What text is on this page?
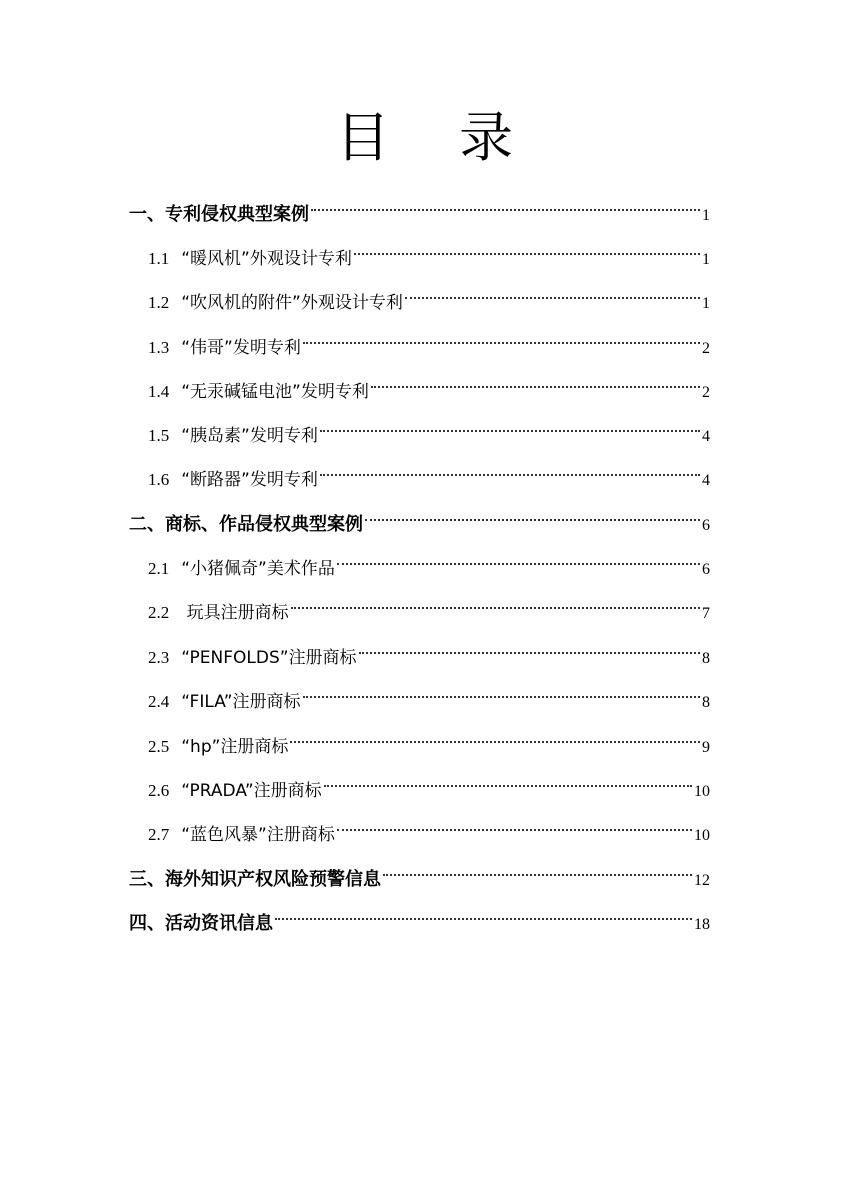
目 录
一、专利侵权典型案例	1
1.1 “暖风机”外观设计专利	1
1.2 “吹风机的附件”外观设计专利	1
1.3 “伟哥”发明专利	2
1.4 “无汞碱锰电池”发明专利	2
1.5 “胰岛素”发明专利	4
1.6 “断路器”发明专利	4
二、商标、作品侵权典型案例	6
2.1 “小猪佩奇”美术作品	6
2.2 玩具注册商标	7
2.3 “PENFOLDS”注册商标	8
2.4 “FILA”注册商标	8
2.5 “hp”注册商标	9
2.6 “PRADA”注册商标	10
2.7 “蓝色风暴”注册商标	10
三、海外知识产权风险预警信息	12
四、活动资讯信息	18
